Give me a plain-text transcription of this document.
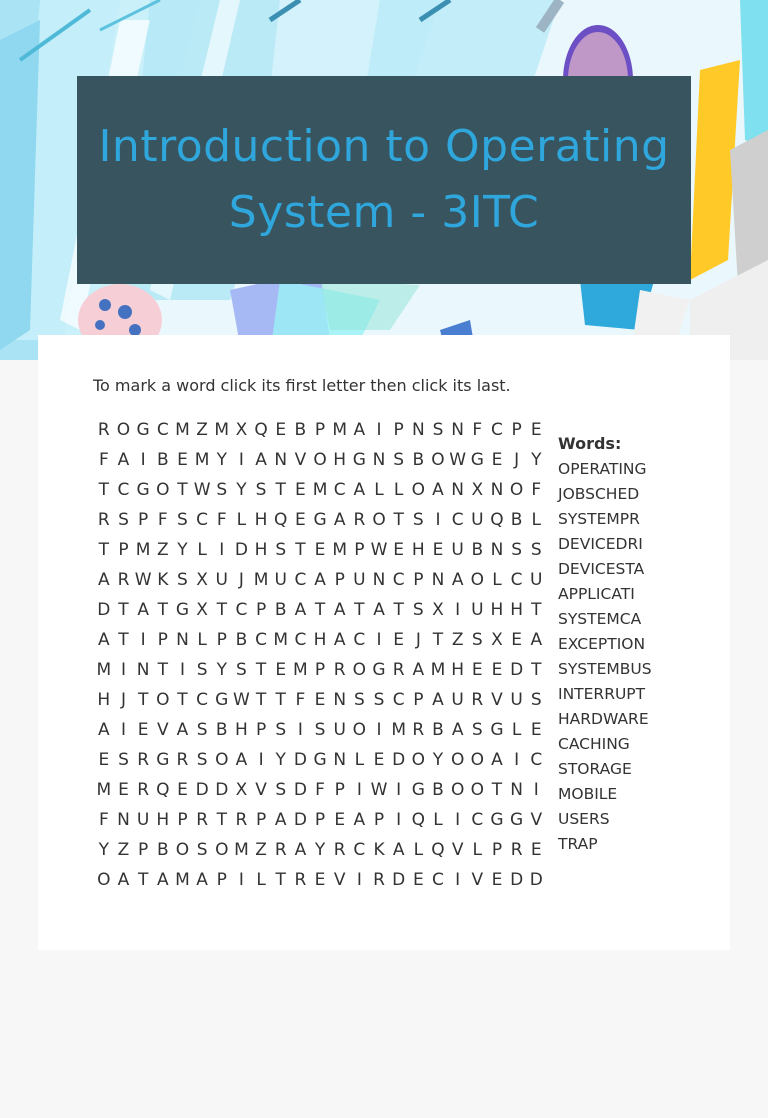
Introduction to Operating System - 3ITC
To mark a word click its first letter then click its last.
R O G C M Z M X Q E B P M A I P N S N F C P E
F A I B E M Y I A N V O H G N S B O W G E J Y
T C G O T W S Y S T E M C A L L O A N X N O F
R S P F S C F L H Q E G A R O T S I C U Q B L
T P M Z Y L I D H S T E M P W E H E U B N S S
A R W K S X U J M U C A P U N C P N A O L C U
D T A T G X T C P B A T A T A T S X I U H H T
A T I P N L P B C M C H A C I E J T Z S X E A
M I N T I S Y S T E M P R O G R A M H E E D T
H J T O T C G W T T F E N S S C P A U R V U S
A I E V A S B H P S I S U O I M R B A S G L E
E S R G R S O A I Y D G N L E D O Y O O A I C
M E R Q E D D X V S D F P I W I G B O O T N I
F N U H P R T R P A D P E A P I Q L I C G G V
Y Z P B O S O M Z R A Y R C K A L Q V L P R E
O A T A M A P I L T R E V I R D E C I V E D D
Words:
OPERATING
JOBSCHED
SYSTEMPR
DEVICEDRI
DEVICESTA
APPLICATI
SYSTEMCA
EXCEPTION
SYSTEMBUS
INTERRUPT
HARDWARE
CACHING
STORAGE
MOBILE
USERS
TRAP
